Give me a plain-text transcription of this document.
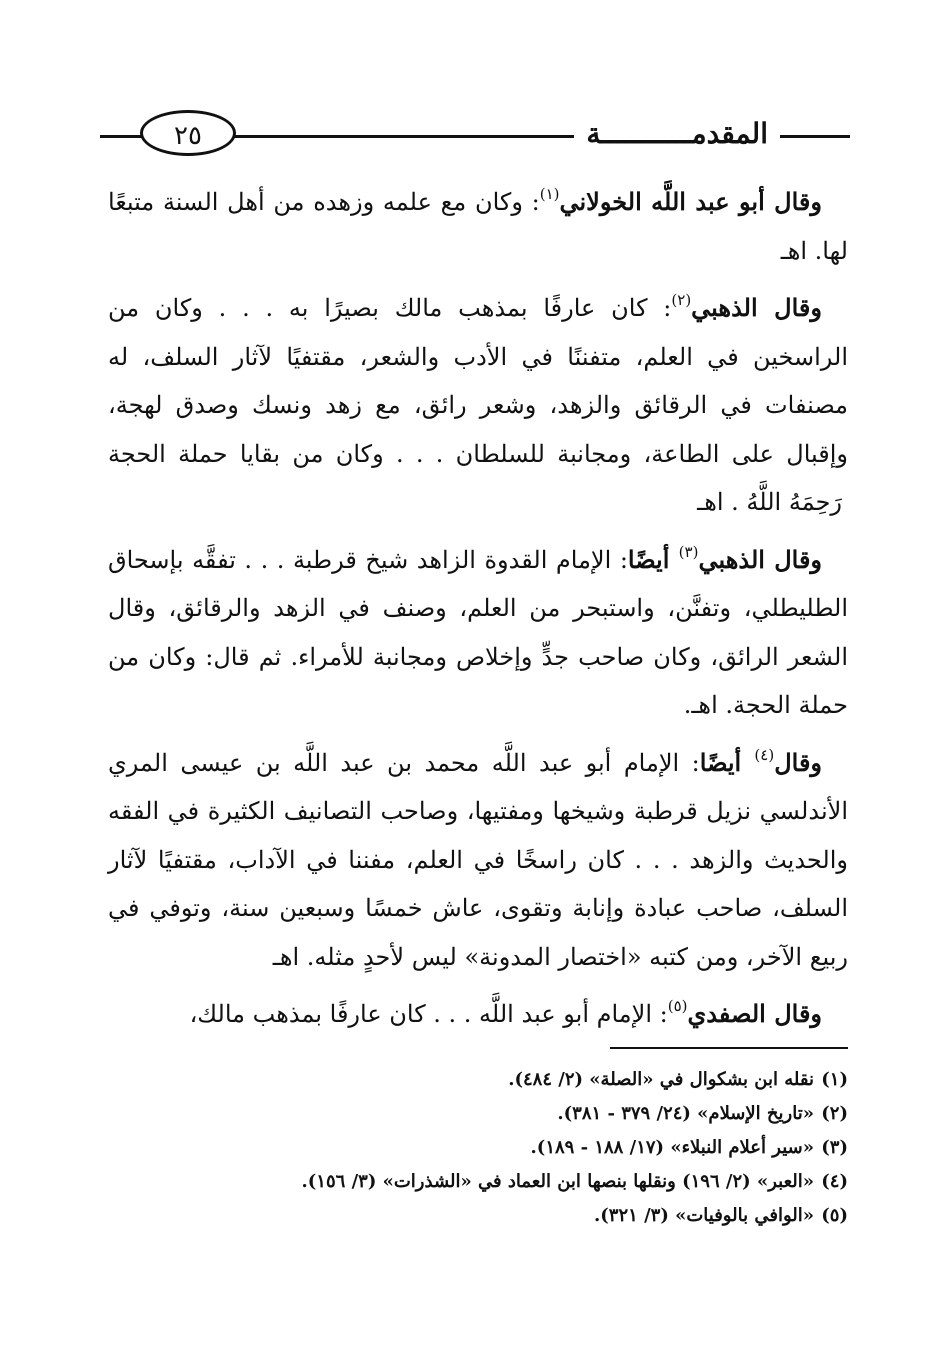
المقدمـــــــــــة
٢٥

وقال أبو عبد اللَّه الخولاني$^{(١)}$: وكان مع علمه وزهده من أهل السنة متبعًا لها. اهـ

وقال الذهبي$^{(٢)}$: كان عارفًا بمذهب مالك بصيرًا به . . . وكان من الراسخين في العلم، متفننًا في الأدب والشعر، مقتفيًا لآثار السلف، له مصنفات في الرقائق والزهد، وشعر رائق، مع زهد ونسك وصدق لهجة، وإقبال على الطاعة، ومجانبة للسلطان . . . وكان من بقايا حملة الحجة رَحِمَهُ اللَّهُ . اهـ

وقال الذهبي$^{(٣)}$ أيضًا: الإمام القدوة الزاهد شيخ قرطبة . . . تفقَّه بإسحاق الطليطلي، وتفنَّن، واستبحر من العلم، وصنف في الزهد والرقائق، وقال الشعر الرائق، وكان صاحب جدٍّ وإخلاص ومجانبة للأمراء. ثم قال: وكان من حملة الحجة. اهـ.

وقال$^{(٤)}$ أيضًا: الإمام أبو عبد اللَّه محمد بن عبد اللَّه بن عيسى المري الأندلسي نزيل قرطبة وشيخها ومفتيها، وصاحب التصانيف الكثيرة في الفقه والحديث والزهد . . . كان راسخًا في العلم، مفننا في الآداب، مقتفيًا لآثار السلف، صاحب عبادة وإنابة وتقوى، عاش خمسًا وسبعين سنة، وتوفي في ربيع الآخر، ومن كتبه «اختصار المدونة» ليس لأحدٍ مثله. اهـ

وقال الصفدي$^{(٥)}$: الإمام أبو عبد اللَّه . . . كان عارفًا بمذهب مالك،

(١)نقله ابن بشكوال في «الصلة» (٢/ ٤٨٤).
(٢)«تاريخ الإسلام» (٢٤/ ٣٧٩ - ٣٨١).
(٣)«سير أعلام النبلاء» (١٧/ ١٨٨ - ١٨٩).
(٤)«العبر» (٢/ ١٩٦) ونقلها بنصها ابن العماد في «الشذرات» (٣/ ١٥٦).
(٥)«الوافي بالوفيات» (٣/ ٣٢١).
